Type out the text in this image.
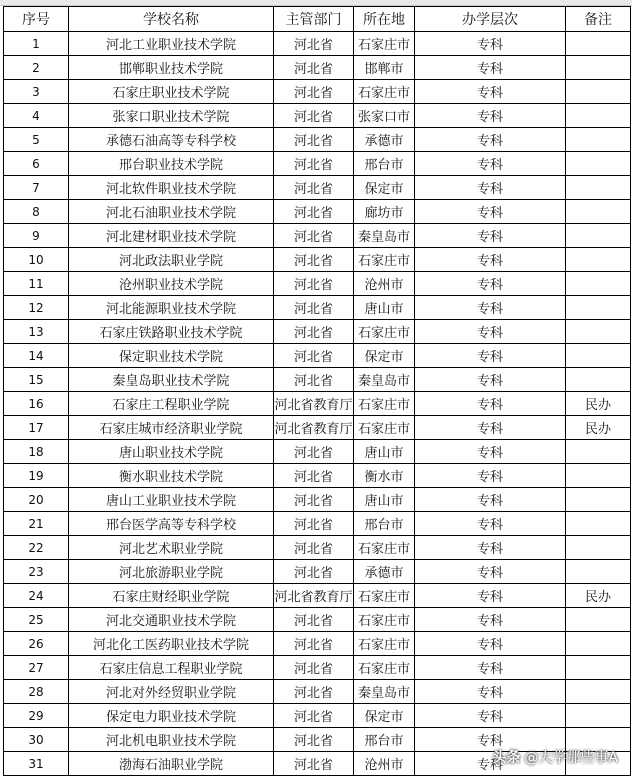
序号	学校名称	主管部门	所在地	办学层次	备注
1	河北工业职业技术学院	河北省	石家庄市	专科	
2	邯郸职业技术学院	河北省	邯郸市	专科	
3	石家庄职业技术学院	河北省	石家庄市	专科	
4	张家口职业技术学院	河北省	张家口市	专科	
5	承德石油高等专科学校	河北省	承德市	专科	
6	邢台职业技术学院	河北省	邢台市	专科	
7	河北软件职业技术学院	河北省	保定市	专科	
8	河北石油职业技术学院	河北省	廊坊市	专科	
9	河北建材职业技术学院	河北省	秦皇岛市	专科	
10	河北政法职业学院	河北省	石家庄市	专科	
11	沧州职业技术学院	河北省	沧州市	专科	
12	河北能源职业技术学院	河北省	唐山市	专科	
13	石家庄铁路职业技术学院	河北省	石家庄市	专科	
14	保定职业技术学院	河北省	保定市	专科	
15	秦皇岛职业技术学院	河北省	秦皇岛市	专科	
16	石家庄工程职业学院	河北省教育厅	石家庄市	专科	民办
17	石家庄城市经济职业学院	河北省教育厅	石家庄市	专科	民办
18	唐山职业技术学院	河北省	唐山市	专科	
19	衡水职业技术学院	河北省	衡水市	专科	
20	唐山工业职业技术学院	河北省	唐山市	专科	
21	邢台医学高等专科学校	河北省	邢台市	专科	
22	河北艺术职业学院	河北省	石家庄市	专科	
23	河北旅游职业学院	河北省	承德市	专科	
24	石家庄财经职业学院	河北省教育厅	石家庄市	专科	民办
25	河北交通职业技术学院	河北省	石家庄市	专科	
26	河北化工医药职业技术学院	河北省	石家庄市	专科	
27	石家庄信息工程职业学院	河北省	石家庄市	专科	
28	河北对外经贸职业学院	河北省	秦皇岛市	专科	
29	保定电力职业技术学院	河北省	保定市	专科	
30	河北机电职业技术学院	河北省	邢台市	专科	
31	渤海石油职业学院	河北省	沧州市	专科	
头条 @大学那些事A
